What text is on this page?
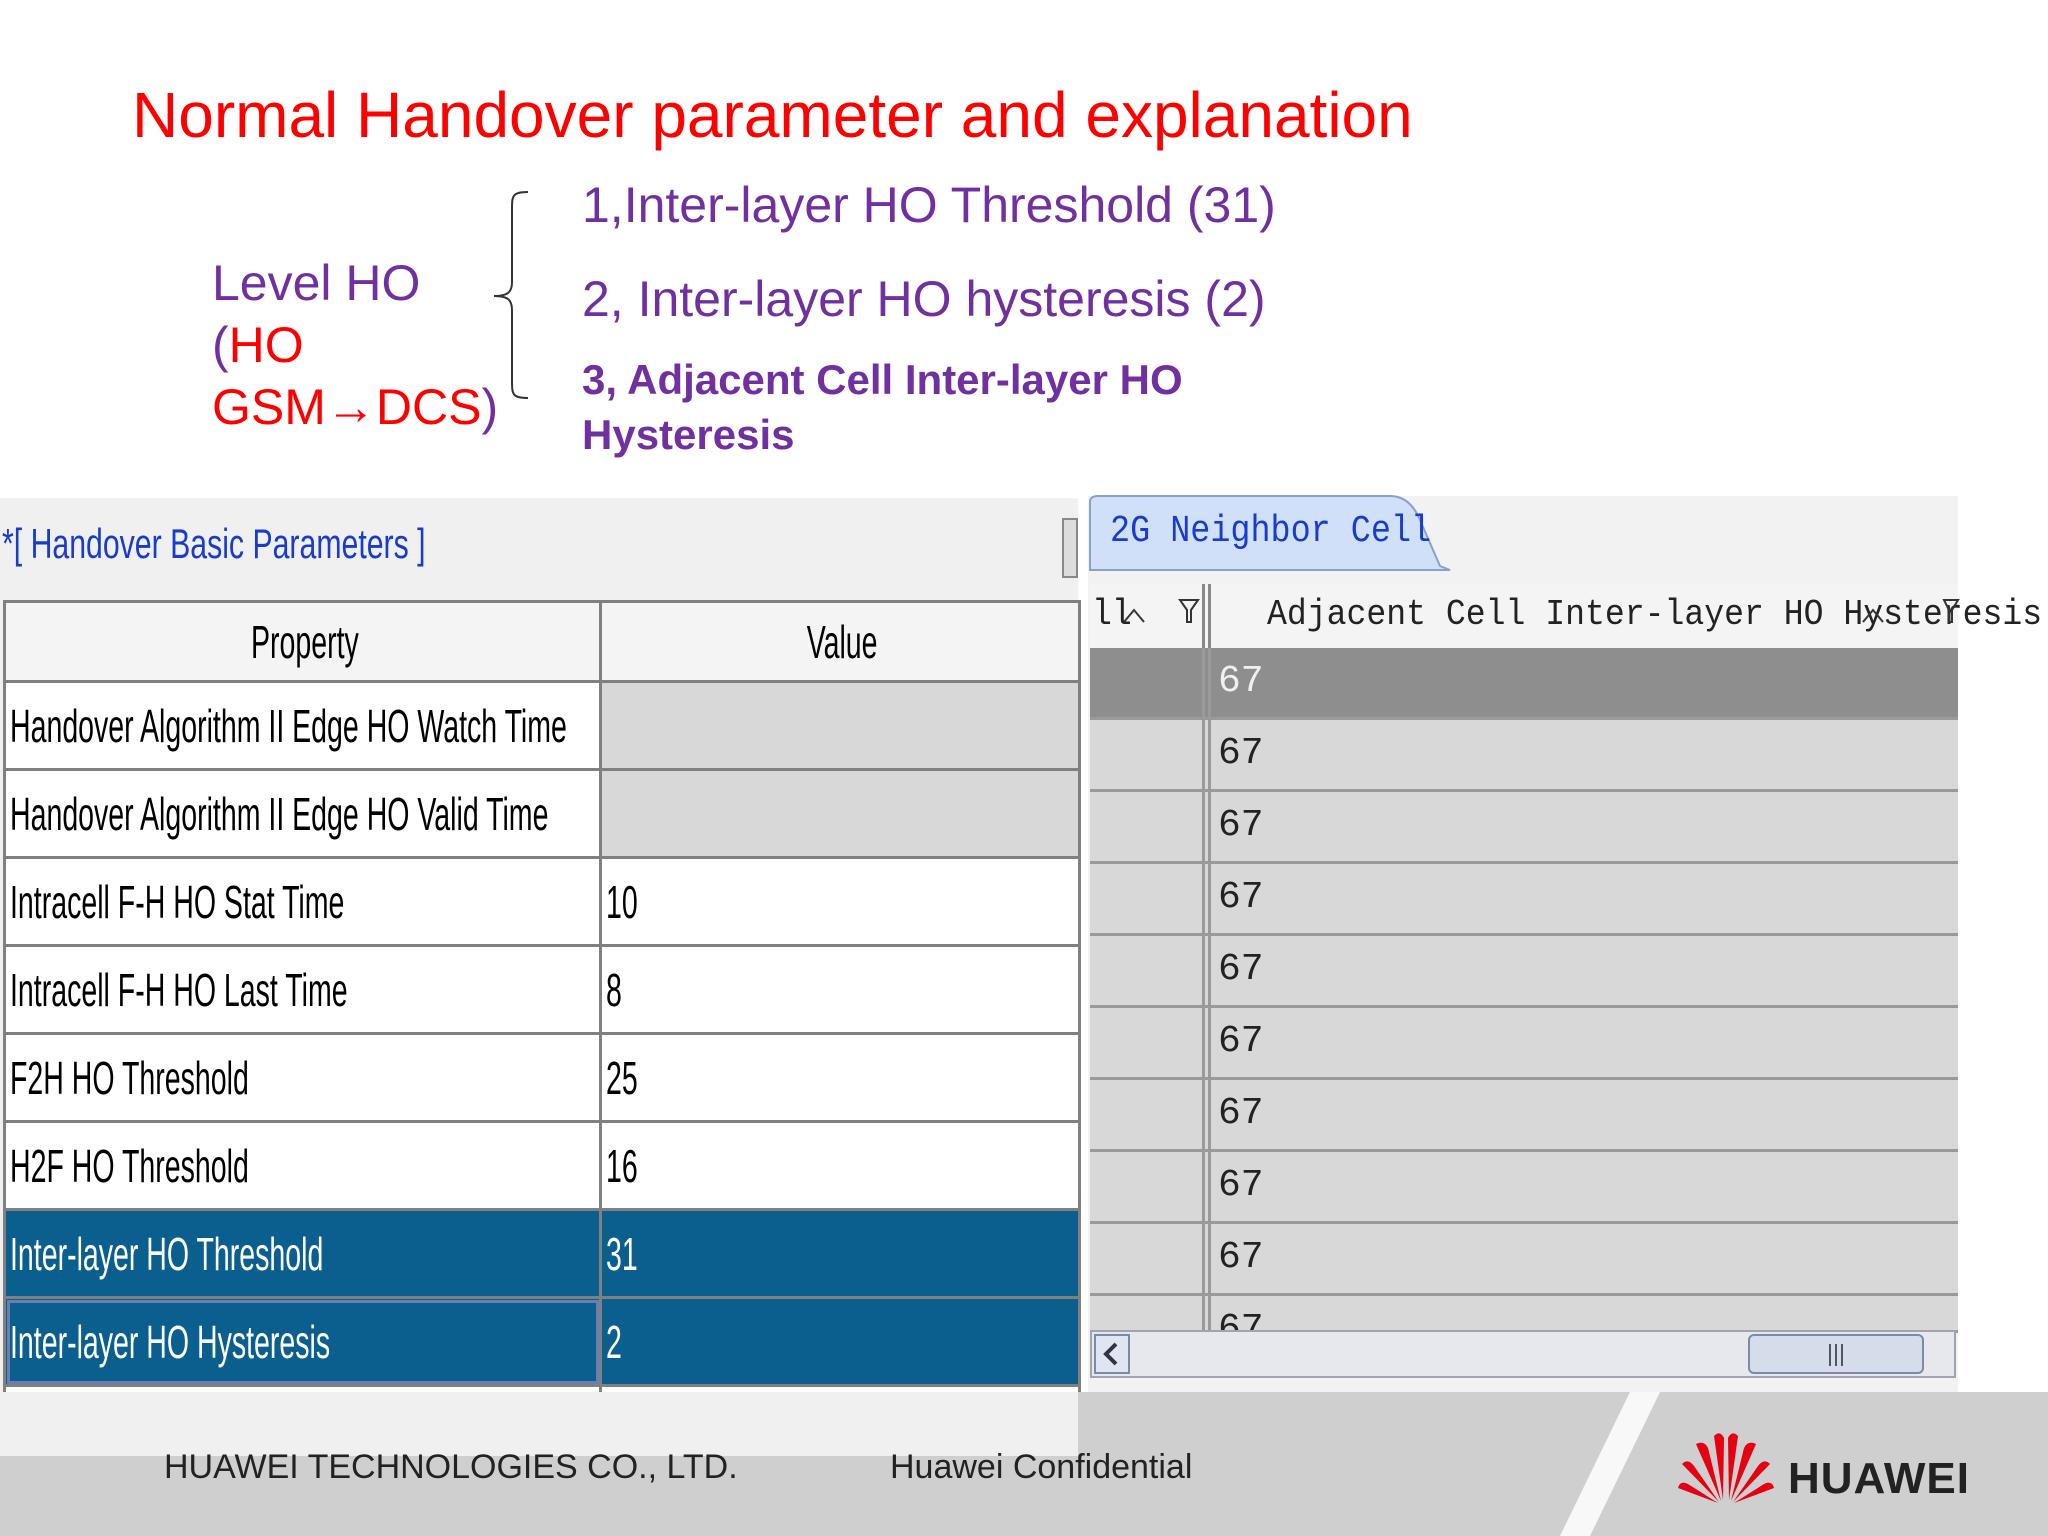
Normal Handover parameter and explanation
Level HO
(HO
GSM→DCS)
1,Inter-layer HO Threshold (31)
2, Inter-layer HO hysteresis (2)
3, Adjacent Cell Inter-layer HO Hysteresis
*[ Handover Basic Parameters ]
Property	Value
Handover Algorithm II Edge HO Watch Time	
Handover Algorithm II Edge HO Valid Time	
Intracell F-H HO Stat Time	10
Intracell F-H HO Last Time	8
F2H HO Threshold	25
H2F HO Threshold	16
Inter-layer HO Threshold	31
Inter-layer HO Hysteresis	2

2G Neighbor Cell
ll	Adjacent Cell Inter-layer HO Hysteresis
67
67
67
67
67
67
67
67
67
HUAWEI TECHNOLOGIES CO., LTD.	Huawei Confidential	HUAWEI
